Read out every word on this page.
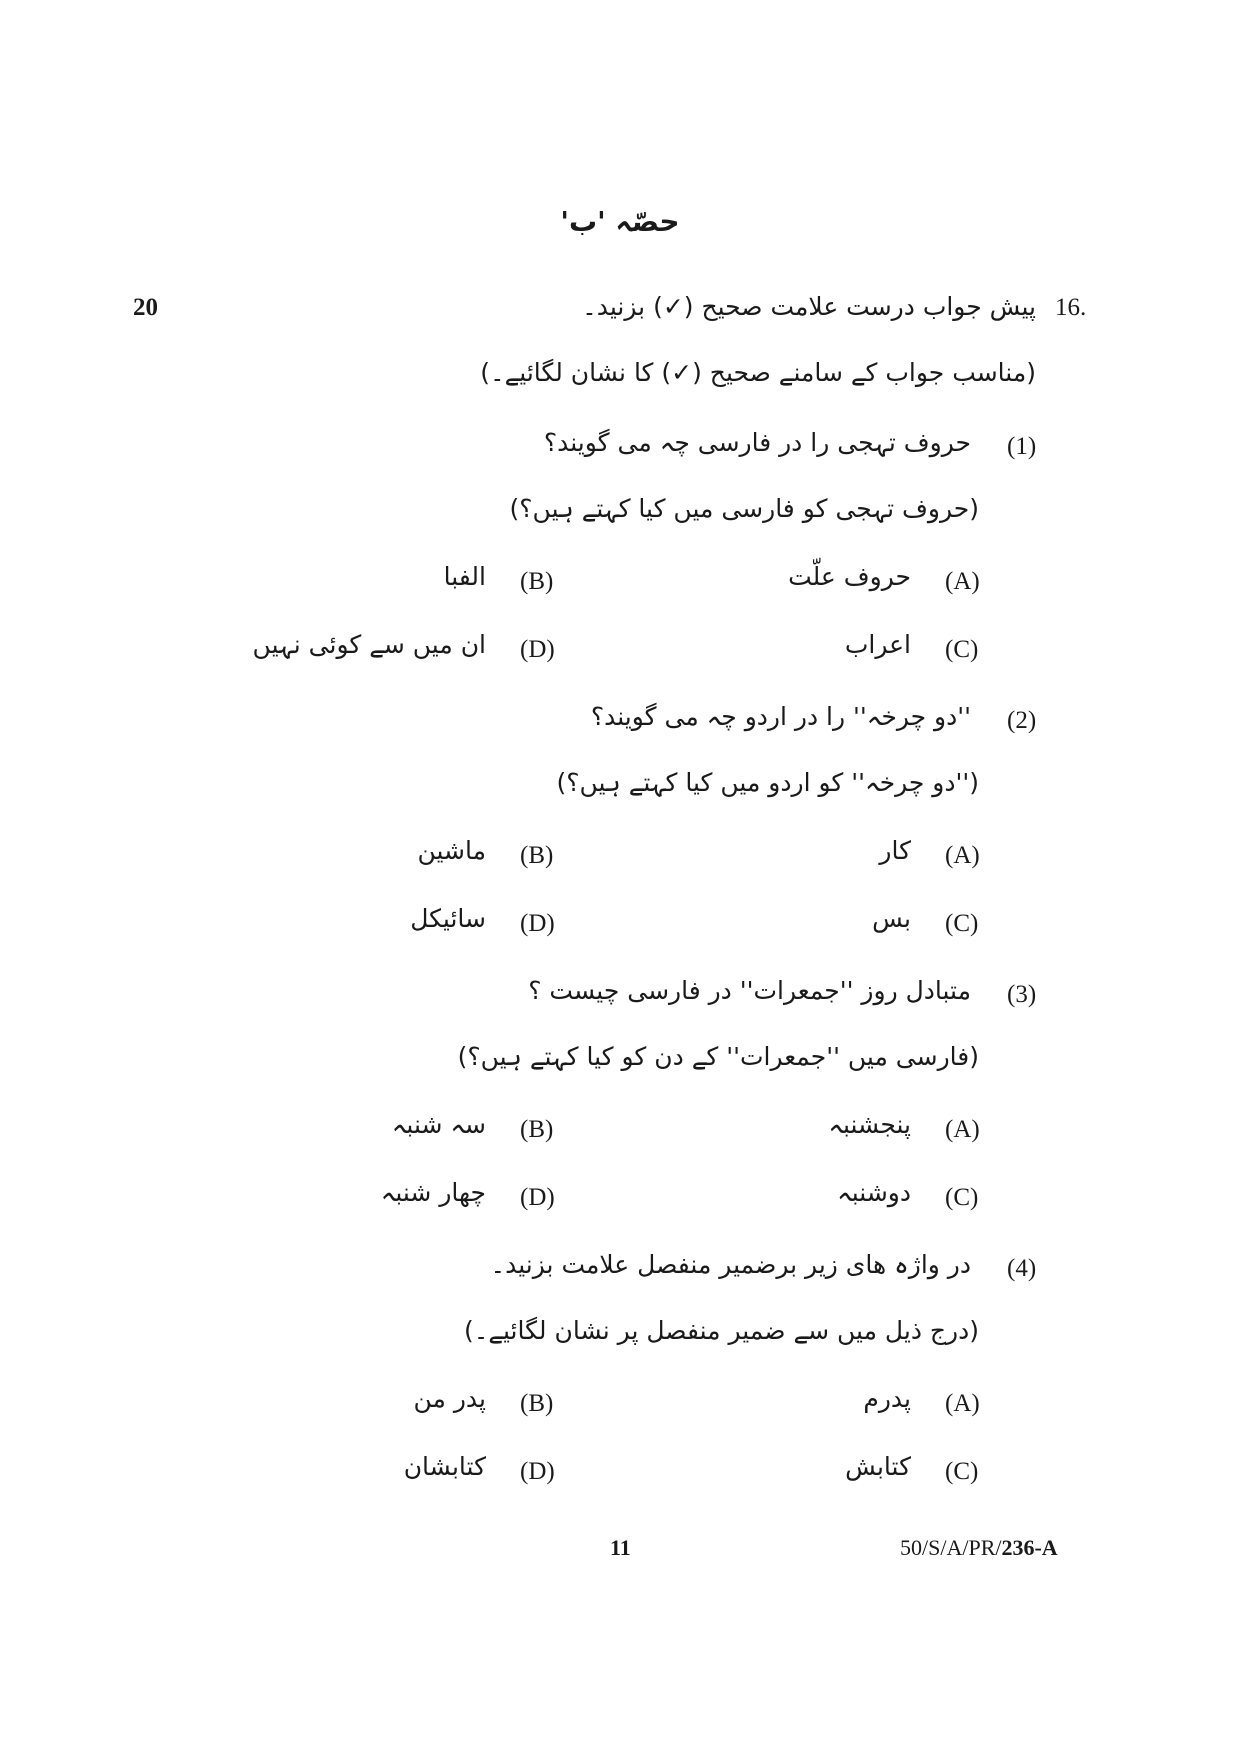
حصّہ 'ب'
20	16.
پیش جواب درست علامت صحیح (✓) بزنید۔
(مناسب جواب کے سامنے صحیح (✓) کا نشان لگائیے۔)
(1)
حروف تہجی را در فارسی چہ می گویند؟
(حروف تہجی کو فارسی میں کیا کہتے ہیں؟)
(A)
حروف علّت
(B)
الفبا
(C)
اعراب
(D)
ان میں سے کوئی نہیں
(2)
''دو چرخہ'' را در اردو چہ می گویند؟
(''دو چرخہ'' کو اردو میں کیا کہتے ہیں؟)
(A)
کار
(B)
ماشین
(C)
بس
(D)
سائیکل
(3)
متبادل روز ''جمعرات'' در فارسی چیست ؟
(فارسی میں ''جمعرات'' کے دن کو کیا کہتے ہیں؟)
(A)
پنجشنبہ
(B)
سہ شنبہ
(C)
دوشنبہ
(D)
چھار شنبہ
(4)
در واژہ ھای زیر برضمیر منفصل علامت بزنید۔
(درج ذیل میں سے ضمیر منفصل پر نشان لگائیے۔)
(A)
پدرم
(B)
پدر من
(C)
کتابش
(D)
کتابشان
11	50/S/A/PR/236-A
